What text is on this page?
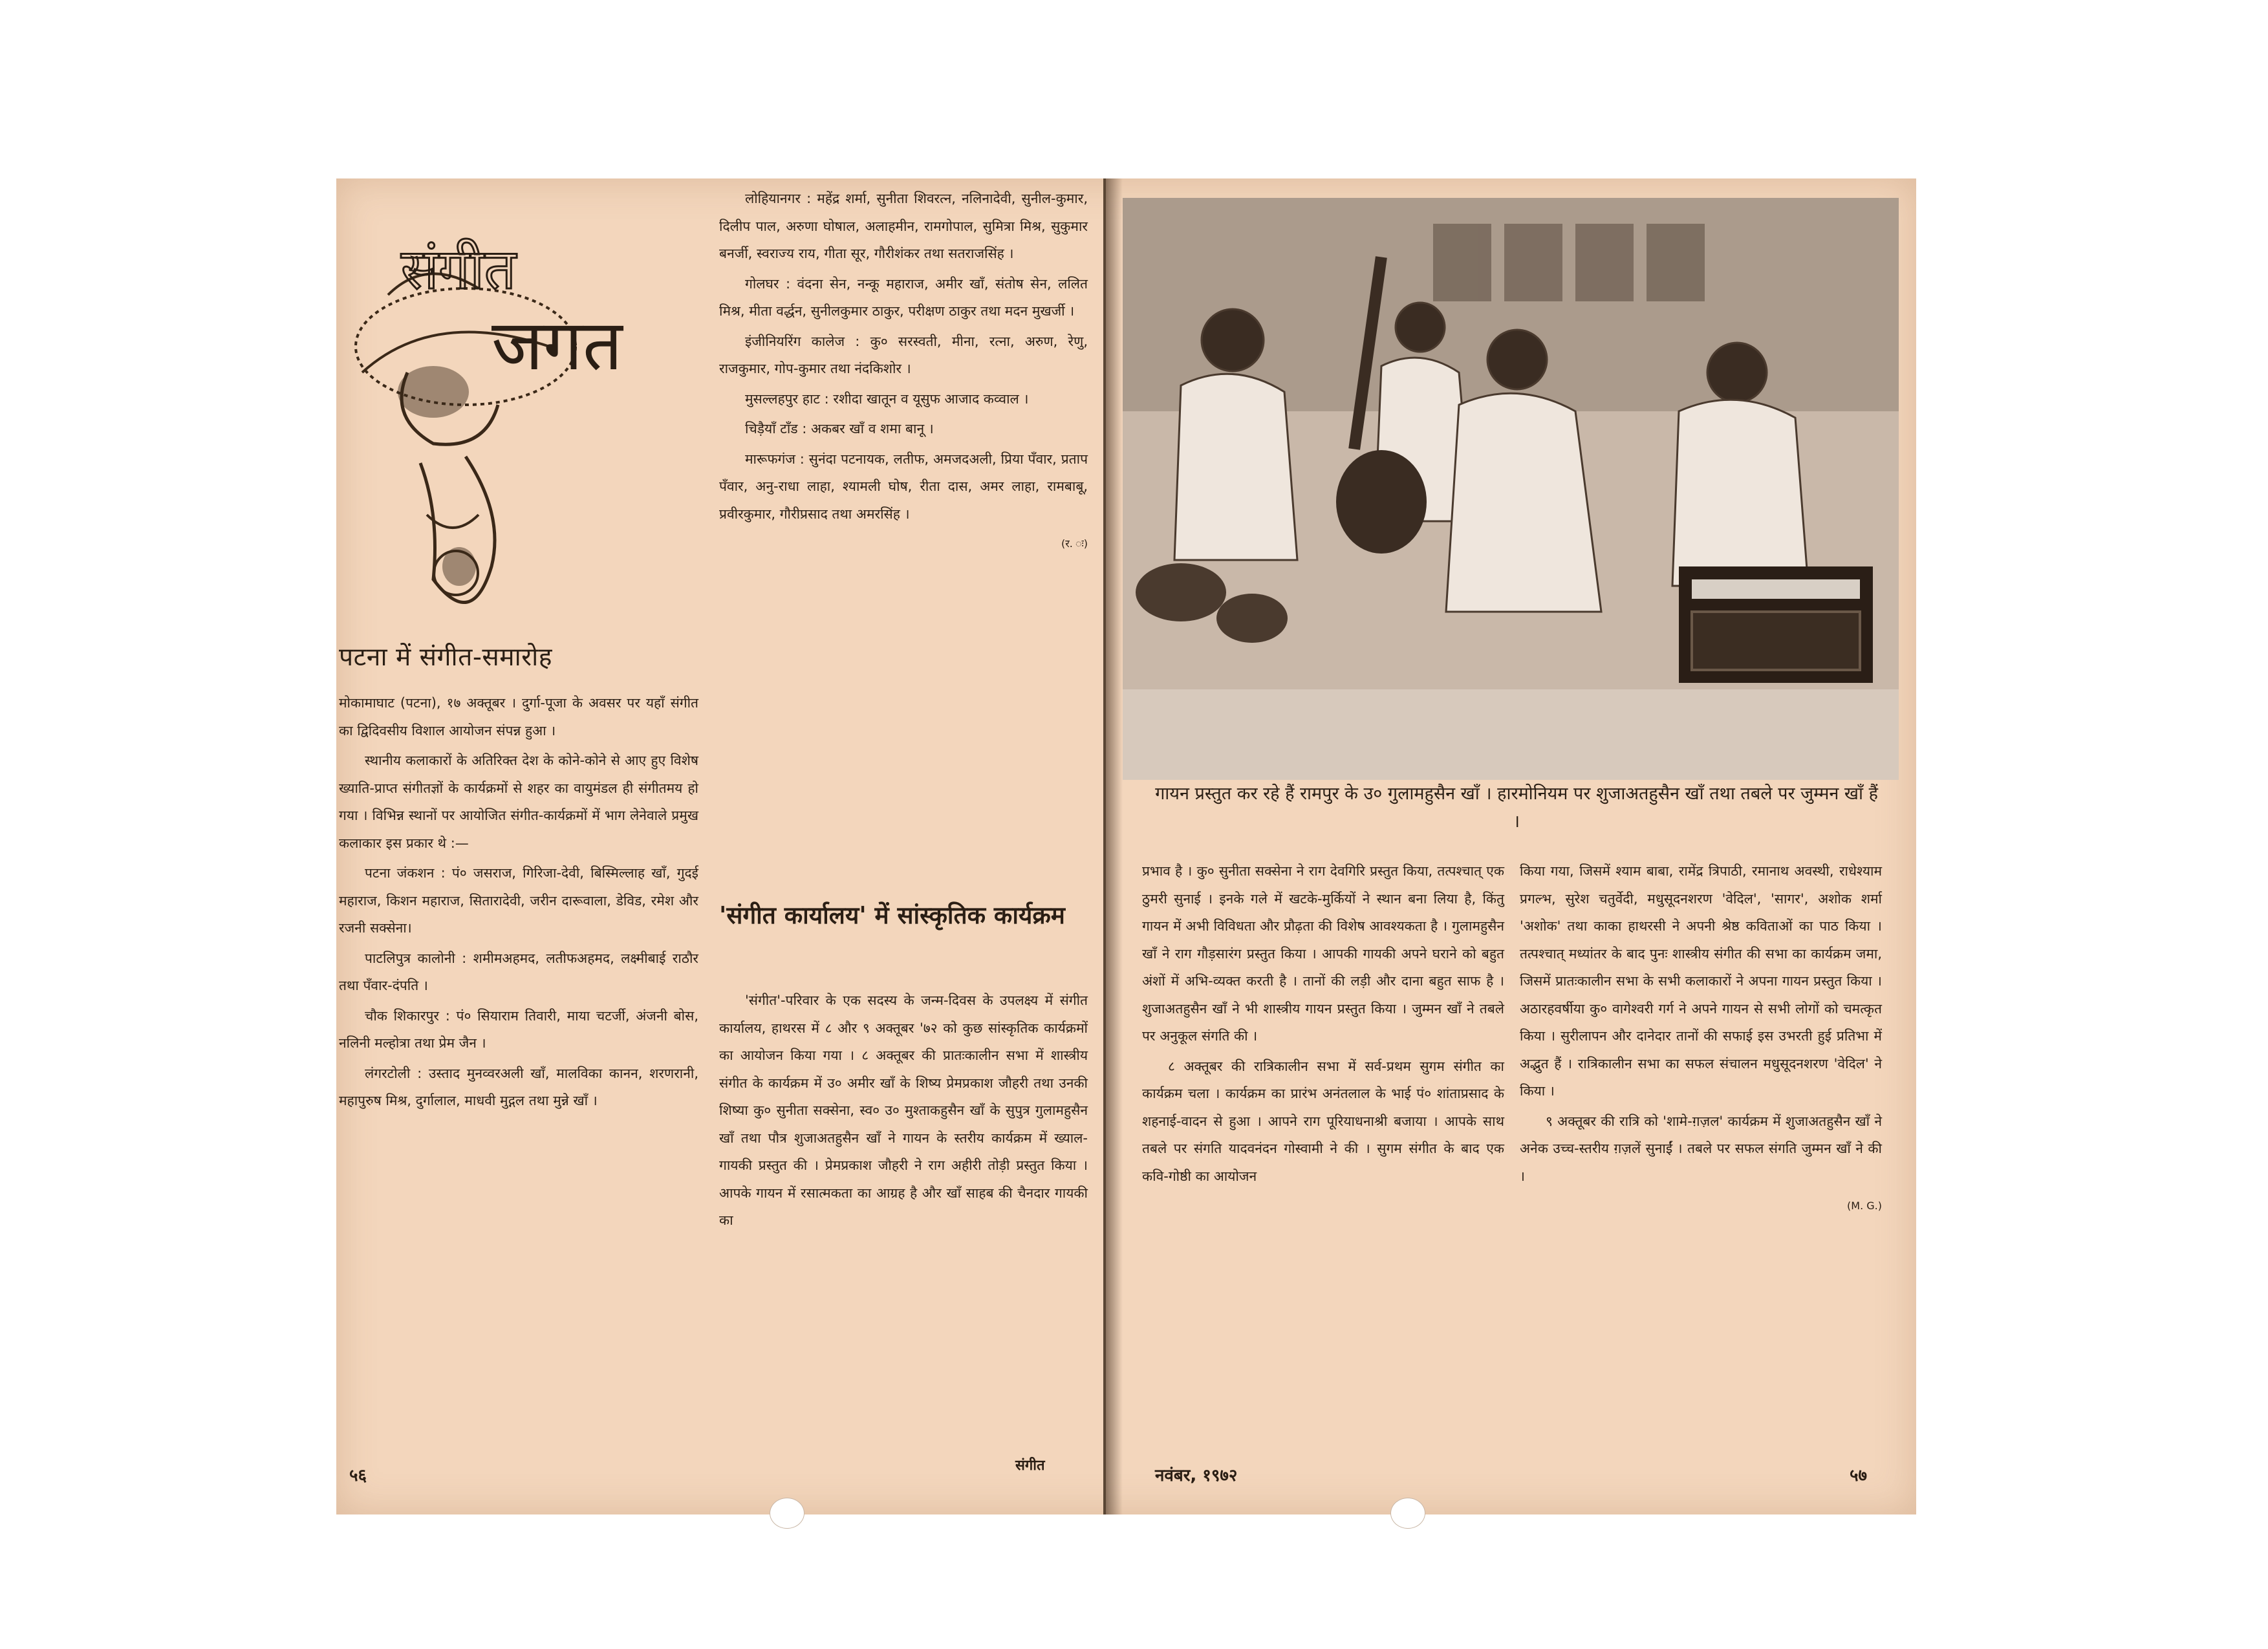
संगीत
जगत
पटना में संगीत-समारोह

मोकामाघाट (पटना), १७ अक्तूबर । दुर्गा-पूजा के अवसर पर यहाँ संगीत का द्विदिवसीय विशाल आयोजन संपन्न हुआ ।

स्थानीय कलाकारों के अतिरिक्त देश के कोने-कोने से आए हुए विशेष ख्याति-प्राप्त संगीतज्ञों के कार्यक्रमों से शहर का वायुमंडल ही संगीतमय हो गया । विभिन्न स्थानों पर आयोजित संगीत-कार्यक्रमों में भाग लेनेवाले प्रमुख कलाकार इस प्रकार थे :—

पटना जंकशन : पं० जसराज, गिरिजा-देवी, बिस्मिल्लाह खाँ, गुदई महाराज, किशन महाराज, सितारादेवी, जरीन दारूवाला, डेविड, रमेश और रजनी सक्सेना।

पाटलिपुत्र कालोनी : शमीमअहमद, लतीफअहमद, लक्ष्मीबाई राठौर तथा पँवार-दंपति ।

चौक शिकारपुर : पं० सियाराम तिवारी, माया चटर्जी, अंजनी बोस, नलिनी मल्होत्रा तथा प्रेम जैन ।

लंगरटोली : उस्ताद मुनव्वरअली खाँ, मालविका कानन, शरणरानी, महापुरुष मिश्र, दुर्गालाल, माधवी मुद्गल तथा मुन्ने खाँ ।

लोहियानगर : महेंद्र शर्मा, सुनीता शिवरत्न, नलिनादेवी, सुनील-कुमार, दिलीप पाल, अरुणा घोषाल, अलाहमीन, रामगोपाल, सुमित्रा मिश्र, सुकुमार बनर्जी, स्वराज्य राय, गीता सूर, गौरीशंकर तथा सतराजसिंह ।

गोलघर : वंदना सेन, नन्कू महाराज, अमीर खाँ, संतोष सेन, ललित मिश्र, मीता वर्द्धन, सुनीलकुमार ठाकुर, परीक्षण ठाकुर तथा मदन मुखर्जी ।

इंजीनियरिंग कालेज : कु० सरस्वती, मीना, रत्ना, अरुण, रेणु, राजकुमार, गोप-कुमार तथा नंदकिशोर ।

मुसल्लहपुर हाट : रशीदा खातून व यूसुफ आजाद कव्वाल ।

चिड़ैयाँ टाँड : अकबर खाँ व शमा बानू ।

मारूफगंज : सुनंदा पटनायक, लतीफ, अमजदअली, प्रिया पँवार, प्रताप पँवार, अनु-राधा लाहा, श्यामली घोष, रीता दास, अमर लाहा, रामबाबू, प्रवीरकुमार, गौरीप्रसाद तथा अमरसिंह ।

(र. ः)
'संगीत कार्यालय' में सांस्कृतिक कार्यक्रम

'संगीत'-परिवार के एक सदस्य के जन्म-दिवस के उपलक्ष्य में संगीत कार्यालय, हाथरस में ८ और ९ अक्तूबर '७२ को कुछ सांस्कृतिक कार्यक्रमों का आयोजन किया गया । ८ अक्तूबर की प्रातःकालीन सभा में शास्त्रीय संगीत के कार्यक्रम में उ० अमीर खाँ के शिष्य प्रेमप्रकाश जौहरी तथा उनकी शिष्या कु० सुनीता सक्सेना, स्व० उ० मुश्ताकहुसैन खाँ के सुपुत्र गुलामहुसैन खाँ तथा पौत्र शुजाअतहुसैन खाँ ने गायन के स्तरीय कार्यक्रम में ख्याल-गायकी प्रस्तुत की । प्रेमप्रकाश जौहरी ने राग अहीरी तोड़ी प्रस्तुत किया । आपके गायन में रसात्मकता का आग्रह है और खाँ साहब की चैनदार गायकी का

५६
संगीत
गायन प्रस्तुत कर रहे हैं रामपुर के उ० गुलामहुसैन खाँ । हारमोनियम पर शुजाअतहुसैन खाँ तथा तबले पर जुम्मन खाँ हैं ।

प्रभाव है । कु० सुनीता सक्सेना ने राग देवगिरि प्रस्तुत किया, तत्पश्चात् एक ठुमरी सुनाई । इनके गले में खटके-मुर्कियों ने स्थान बना लिया है, किंतु गायन में अभी विविधता और प्रौढ़ता की विशेष आवश्यकता है । गुलामहुसैन खाँ ने राग गौड़सारंग प्रस्तुत किया । आपकी गायकी अपने घराने को बहुत अंशों में अभि-व्यक्त करती है । तानों की लड़ी और दाना बहुत साफ है । शुजाअतहुसैन खाँ ने भी शास्त्रीय गायन प्रस्तुत किया । जुम्मन खाँ ने तबले पर अनुकूल संगति की ।

८ अक्तूबर की रात्रिकालीन सभा में सर्व-प्रथम सुगम संगीत का कार्यक्रम चला । कार्यक्रम का प्रारंभ अनंतलाल के भाई पं० शांताप्रसाद के शहनाई-वादन से हुआ । आपने राग पूरियाधनाश्री बजाया । आपके साथ तबले पर संगति यादवनंदन गोस्वामी ने की । सुगम संगीत के बाद एक कवि-गोष्ठी का आयोजन

किया गया, जिसमें श्याम बाबा, रामेंद्र त्रिपाठी, रमानाथ अवस्थी, राधेश्याम प्रगल्भ, सुरेश चतुर्वेदी, मधुसूदनशरण 'वेदिल', 'सागर', अशोक शर्मा 'अशोक' तथा काका हाथरसी ने अपनी श्रेष्ठ कविताओं का पाठ किया । तत्पश्चात् मध्यांतर के बाद पुनः शास्त्रीय संगीत की सभा का कार्यक्रम जमा, जिसमें प्रातःकालीन सभा के सभी कलाकारों ने अपना गायन प्रस्तुत किया । अठारहवर्षीया कु० वागेश्वरी गर्ग ने अपने गायन से सभी लोगों को चमत्कृत किया । सुरीलापन और दानेदार तानों की सफाई इस उभरती हुई प्रतिभा में अद्भुत हैं । रात्रिकालीन सभा का सफल संचालन मधुसूदनशरण 'वेदिल' ने किया ।

९ अक्तूबर की रात्रि को 'शामे-ग़ज़ल' कार्यक्रम में शुजाअतहुसैन खाँ ने अनेक उच्च-स्तरीय ग़ज़लें सुनाईं । तबले पर सफल संगति जुम्मन खाँ ने की ।

(M. G.)
नवंबर, १९७२	५७
